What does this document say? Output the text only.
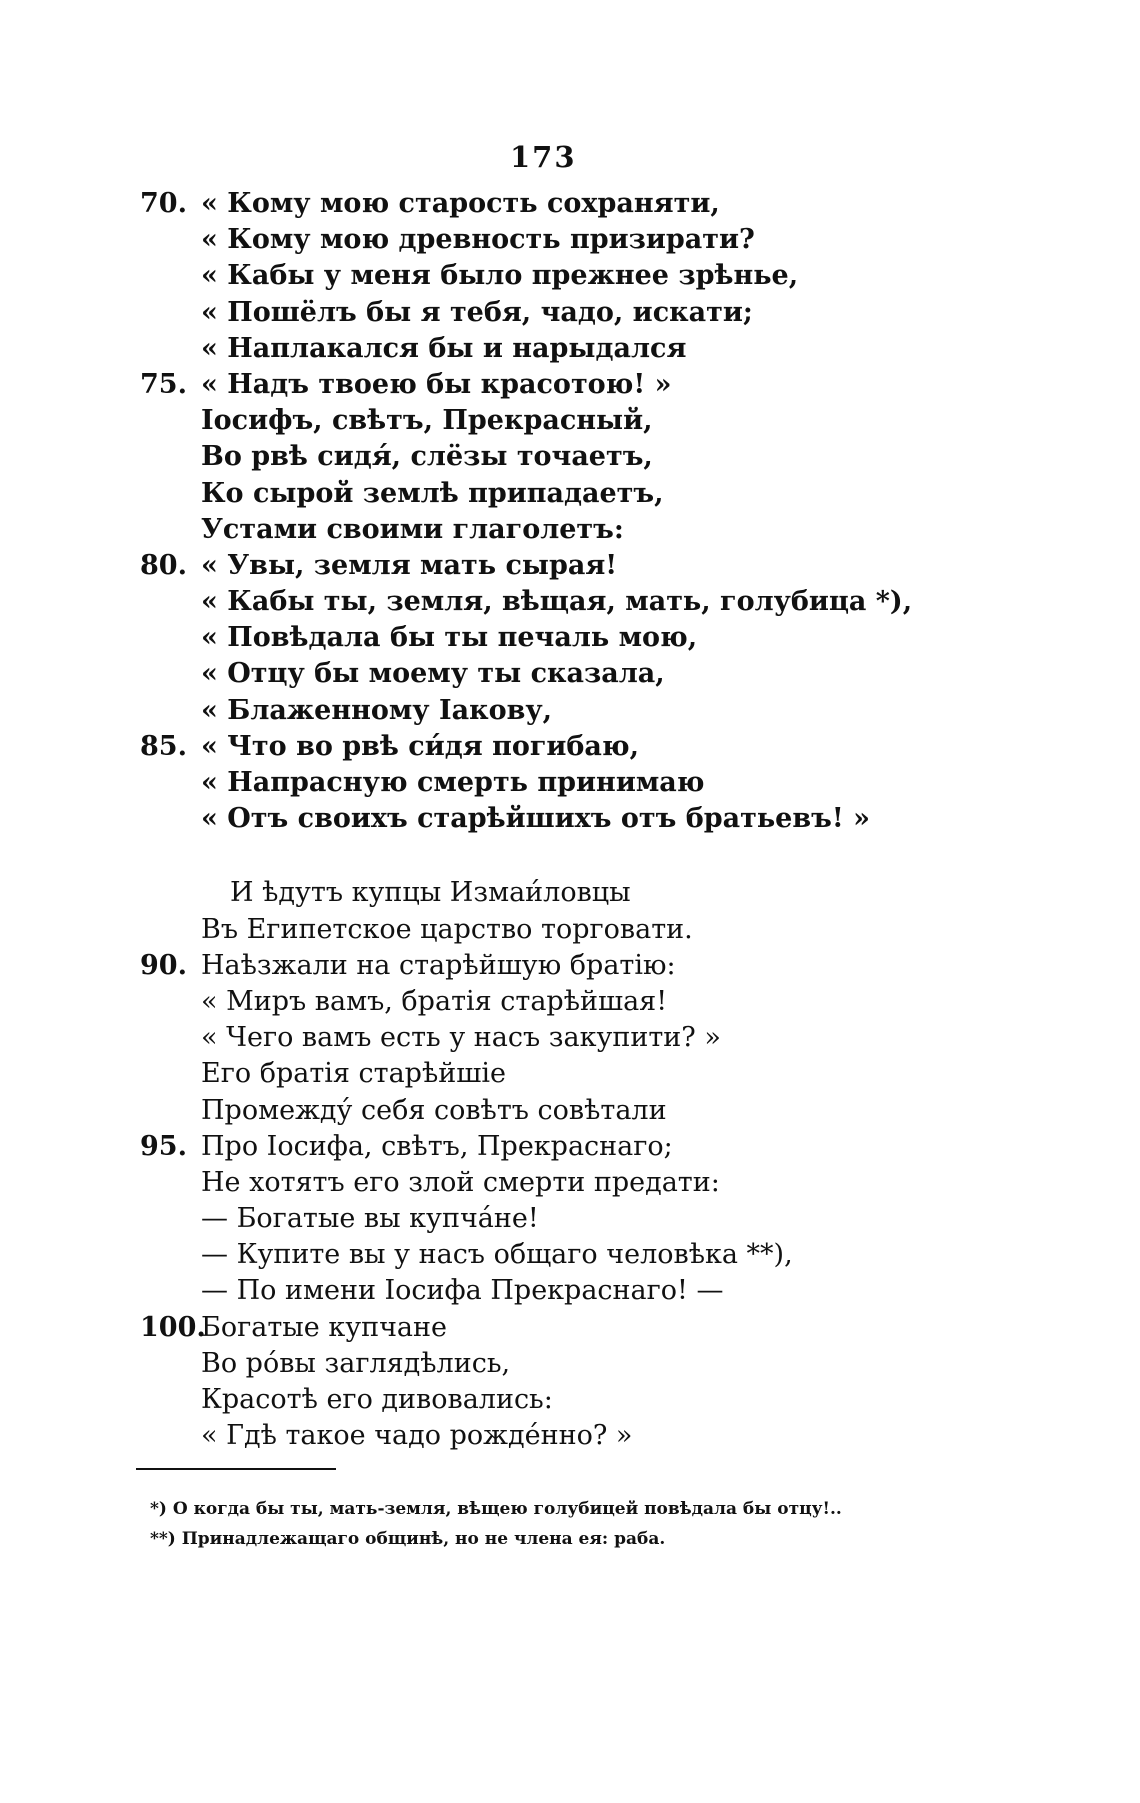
173
70. « Кому мою старость сохраняти,
« Кому мою древность призирати?
« Кабы у меня было прежнее зрѣнье,
« Пошёлъ бы я тебя, чадо, искати;
« Наплакался бы и нарыдался
75. « Надъ твоею бы красотою! »
Іосифъ, свѣтъ, Прекрасный,
Во рвѣ сидя́, слёзы точаетъ,
Ко сырой землѣ припадаетъ,
Устами своими глаголетъ:
80. « Увы, земля мать сырая!
« Кабы ты, земля, вѣщая, мать, голубица *),
« Повѣдала бы ты печаль мою,
« Отцу бы моему ты сказала,
« Блаженному Іакову,
85. « Что во рвѣ си́дя погибаю,
« Напрасную смерть принимаю
« Отъ своихъ старѣйшихъ отъ братьевъ! »
И ѣдутъ купцы Измаи́ловцы
Въ Египетское царство торговати.
90. Наѣзжали на старѣйшую братію:
« Миръ вамъ, братія старѣйшая!
« Чего вамъ есть у насъ закупити? »
Его братія старѣйшіе
Промежду́ себя совѣтъ совѣтали
95. Про Іосифа, свѣтъ, Прекраснаго;
Не хотятъ его злой смерти предати:
— Богатые вы купча́не!
— Купите вы у насъ общаго человѣка **),
— По имени Іосифа Прекраснаго! —
100.
Богатые купчане
Во ро́вы заглядѣлись,
Красотѣ его дивовались:
« Гдѣ такое чадо рожде́нно? »
*) О когда бы ты, мать-земля, вѣщею голубицей повѣдала бы отцу!..
**) Принадлежащаго общинѣ, но не члена ея: раба.
